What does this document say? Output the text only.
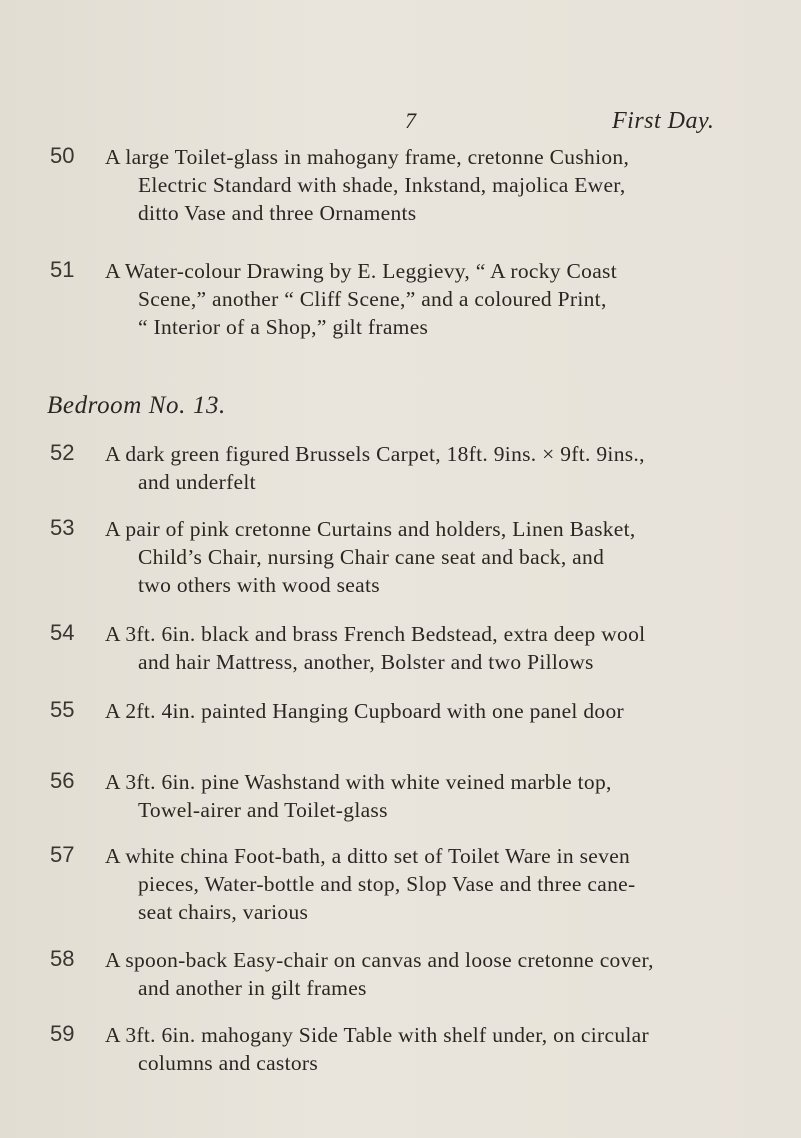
7	First Day.
50 A large Toilet-glass in mahogany frame, cretonne Cushion,
Electric Standard with shade, Inkstand, majolica Ewer,
ditto Vase and three Ornaments
51 A Water-colour Drawing by E. Leggievy, “ A rocky Coast
Scene,” another “ Cliff Scene,” and a coloured Print,
“ Interior of a Shop,” gilt frames
Bedroom No. 13.
52 A dark green figured Brussels Carpet, 18ft. 9ins. × 9ft. 9ins.,
and underfelt
53 A pair of pink cretonne Curtains and holders, Linen Basket,
Child’s Chair, nursing Chair cane seat and back, and
two others with wood seats
54 A 3ft. 6in. black and brass French Bedstead, extra deep wool
and hair Mattress, another, Bolster and two Pillows
55 A 2ft. 4in. painted Hanging Cupboard with one panel door
56 A 3ft. 6in. pine Washstand with white veined marble top,
Towel-airer and Toilet-glass
57 A white china Foot-bath, a ditto set of Toilet Ware in seven
pieces, Water-bottle and stop, Slop Vase and three cane-
seat chairs, various
58 A spoon-back Easy-chair on canvas and loose cretonne cover,
and another in gilt frames
59 A 3ft. 6in. mahogany Side Table with shelf under, on circular
columns and castors
